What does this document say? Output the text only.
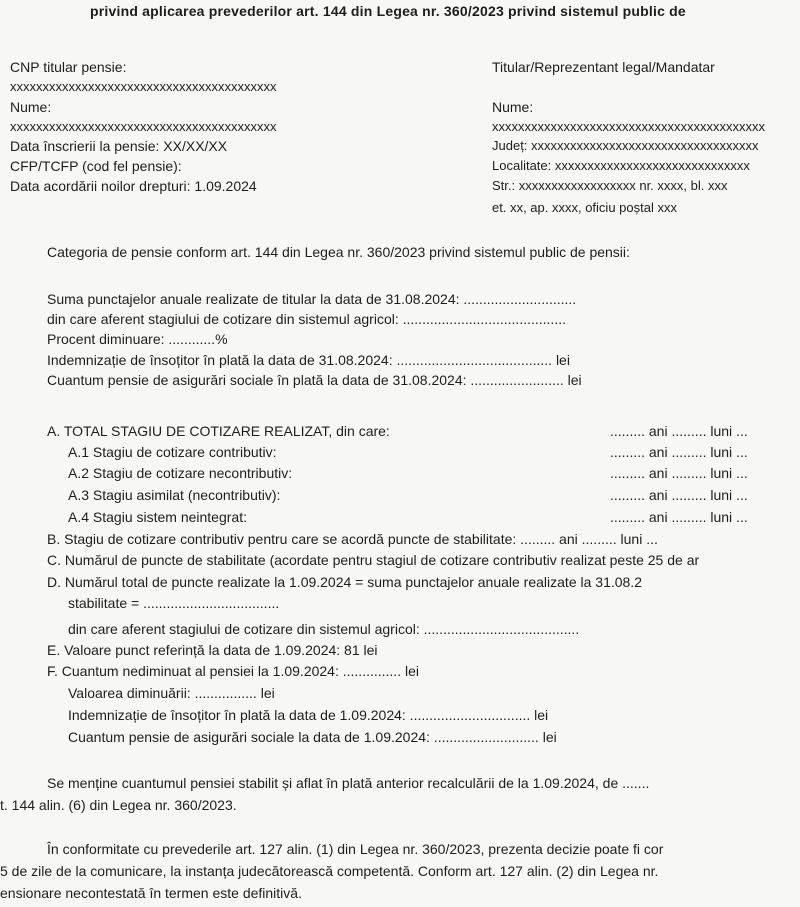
privind aplicarea prevederilor art. 144 din Legea nr. 360/2023 privind sistemul public de
CNP titular pensie:
xxxxxxxxxxxxxxxxxxxxxxxxxxxxxxxxxxxxxxxxx
Nume:
xxxxxxxxxxxxxxxxxxxxxxxxxxxxxxxxxxxxxxxxx
Data înscrierii la pensie: XX/XX/XX
CFP/TCFP (cod fel pensie):
Data acordării noilor drepturi: 1.09.2024
Titular/Reprezentant legal/Mandatar
Nume:
xxxxxxxxxxxxxxxxxxxxxxxxxxxxxxxxxxxxxxxxxx
Județ: xxxxxxxxxxxxxxxxxxxxxxxxxxxxxxxxxxx
Localitate: xxxxxxxxxxxxxxxxxxxxxxxxxxxxxx
Str.: xxxxxxxxxxxxxxxxxx nr. xxxx, bl. xxx
et. xx, ap. xxxx, oficiu poștal xxx
Categoria de pensie conform art. 144 din Legea nr. 360/2023 privind sistemul public de pensii:
Suma punctajelor anuale realizate de titular la data de 31.08.2024: .............................
din care aferent stagiului de cotizare din sistemul agricol: ..........................................
Procent diminuare: ............%
Indemnizație de însoțitor în plată la data de 31.08.2024: ........................................ lei
Cuantum pensie de asigurări sociale în plată la data de 31.08.2024: ........................ lei
A. TOTAL STAGIU DE COTIZARE REALIZAT, din care:	......... ani ......... luni ...
A.1 Stagiu de cotizare contributiv:	......... ani ......... luni ...
A.2 Stagiu de cotizare necontributiv:	......... ani ......... luni ...
A.3 Stagiu asimilat (necontributiv):	......... ani ......... luni ...
A.4 Stagiu sistem neintegrat:	......... ani ......... luni ...
B. Stagiu de cotizare contributiv pentru care se acordă puncte de stabilitate: ......... ani ......... luni ...
C. Numărul de puncte de stabilitate (acordate pentru stagiul de cotizare contributiv realizat peste 25 de ar
D. Numărul total de puncte realizate la 1.09.2024 = suma punctajelor anuale realizate la 31.08.2
stabilitate = ...................................
din care aferent stagiului de cotizare din sistemul agricol: ........................................
E. Valoare punct referință la data de 1.09.2024: 81 lei
F. Cuantum nediminuat al pensiei la 1.09.2024: ............... lei
Valoarea diminuării: ................ lei
Indemnizație de însoțitor în plată la data de 1.09.2024: ............................... lei
Cuantum pensie de asigurări sociale la data de 1.09.2024: ........................... lei
Se menține cuantumul pensiei stabilit și aflat în plată anterior recalculării de la 1.09.2024, de .......
t. 144 alin. (6) din Legea nr. 360/2023.
În conformitate cu prevederile art. 127 alin. (1) din Legea nr. 360/2023, prezenta decizie poate fi cor
5 de zile de la comunicare, la instanța judecătorească competentă. Conform art. 127 alin. (2) din Legea nr.
ensionare necontestată în termen este definitivă.
